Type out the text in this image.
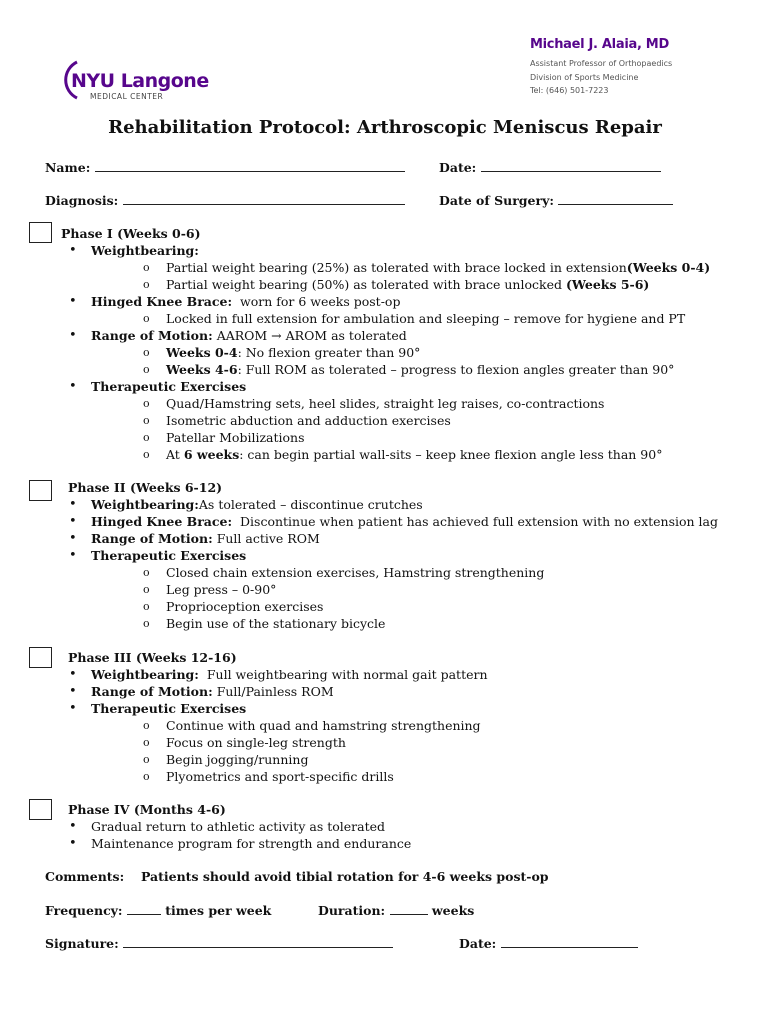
NYU Langone
MEDICAL CENTER
Michael J. Alaia, MD
Assistant Professor of Orthopaedics
Division of Sports Medicine
Tel: (646) 501-7223
Rehabilitation Protocol: Arthroscopic Meniscus Repair
Name:	Date:
Diagnosis:	Date of Surgery:
Phase I (Weeks 0-6)
• Weightbearing:
o Partial weight bearing (25%) as tolerated with brace locked in extension(Weeks 0-4)
o Partial weight bearing (50%) as tolerated with brace unlocked (Weeks 5-6)
• Hinged Knee Brace:  worn for 6 weeks post-op
o Locked in full extension for ambulation and sleeping – remove for hygiene and PT
• Range of Motion: AAROM → AROM as tolerated
o Weeks 0-4: No flexion greater than 90°
o Weeks 4-6: Full ROM as tolerated – progress to flexion angles greater than 90°
• Therapeutic Exercises
o Quad/Hamstring sets, heel slides, straight leg raises, co-contractions
o Isometric abduction and adduction exercises
o Patellar Mobilizations
o At 6 weeks: can begin partial wall-sits – keep knee flexion angle less than 90°
Phase II (Weeks 6-12)
• Weightbearing:As tolerated – discontinue crutches
• Hinged Knee Brace:  Discontinue when patient has achieved full extension with no extension lag
• Range of Motion: Full active ROM
• Therapeutic Exercises
o Closed chain extension exercises, Hamstring strengthening
o Leg press – 0-90°
o Proprioception exercises
o Begin use of the stationary bicycle
Phase III (Weeks 12-16)
• Weightbearing:  Full weightbearing with normal gait pattern
• Range of Motion: Full/Painless ROM
• Therapeutic Exercises
o Continue with quad and hamstring strengthening
o Focus on single-leg strength
o Begin jogging/running
o Plyometrics and sport-specific drills
Phase IV (Months 4-6)
• Gradual return to athletic activity as tolerated
• Maintenance program for strength and endurance
Comments: Patients should avoid tibial rotation for 4-6 weeks post-op
Frequency:	times per week	Duration:	weeks
Signature:	Date:
